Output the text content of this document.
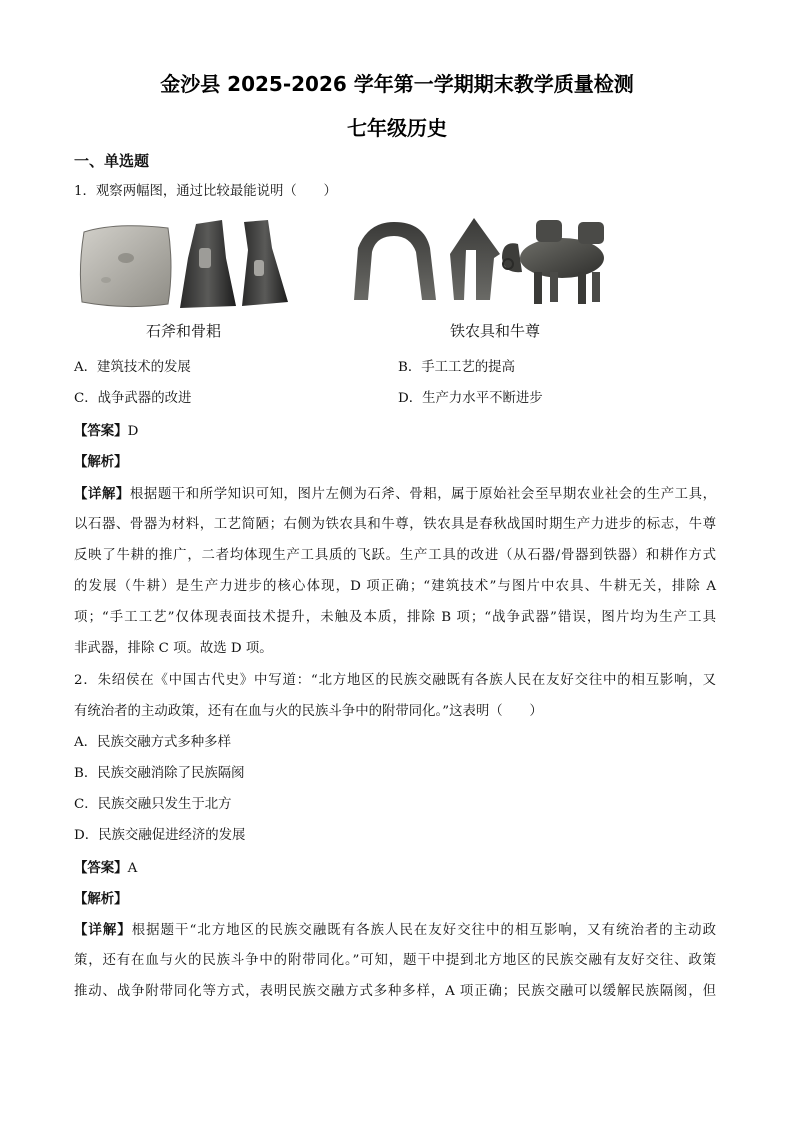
金沙县 2025-2026 学年第一学期期末教学质量检测
七年级历史
一、单选题
1．观察两幅图，通过比较最能说明（　　）
石斧和骨耜	铁农具和牛尊
A．建筑技术的发展	B．手工工艺的提高
C．战争武器的改进	D．生产力水平不断进步
【答案】D
【解析】
【详解】根据题干和所学知识可知，图片左侧为石斧、骨耜，属于原始社会至早期农业社会的生产工具，
以石器、骨器为材料，工艺简陋；右侧为铁农具和牛尊，铁农具是春秋战国时期生产力进步的标志，牛尊
反映了牛耕的推广，二者均体现生产工具质的飞跃。生产工具的改进（从石器/骨器到铁器）和耕作方式
的发展（牛耕）是生产力进步的核心体现，D 项正确；“建筑技术”与图片中农具、牛耕无关，排除 A
项；“手工工艺”仅体现表面技术提升，未触及本质，排除 B 项；“战争武器”错误，图片均为生产工具
非武器，排除 C 项。故选 D 项。
2．朱绍侯在《中国古代史》中写道：“北方地区的民族交融既有各族人民在友好交往中的相互影响，又
有统治者的主动政策，还有在血与火的民族斗争中的附带同化。”这表明（　　）
A．民族交融方式多种多样
B．民族交融消除了民族隔阂
C．民族交融只发生于北方
D．民族交融促进经济的发展
【答案】A
【解析】
【详解】根据题干“北方地区的民族交融既有各族人民在友好交往中的相互影响，又有统治者的主动政
策，还有在血与火的民族斗争中的附带同化。”可知，题干中提到北方地区的民族交融有友好交往、政策
推动、战争附带同化等方式，表明民族交融方式多种多样，A 项正确；民族交融可以缓解民族隔阂，但
